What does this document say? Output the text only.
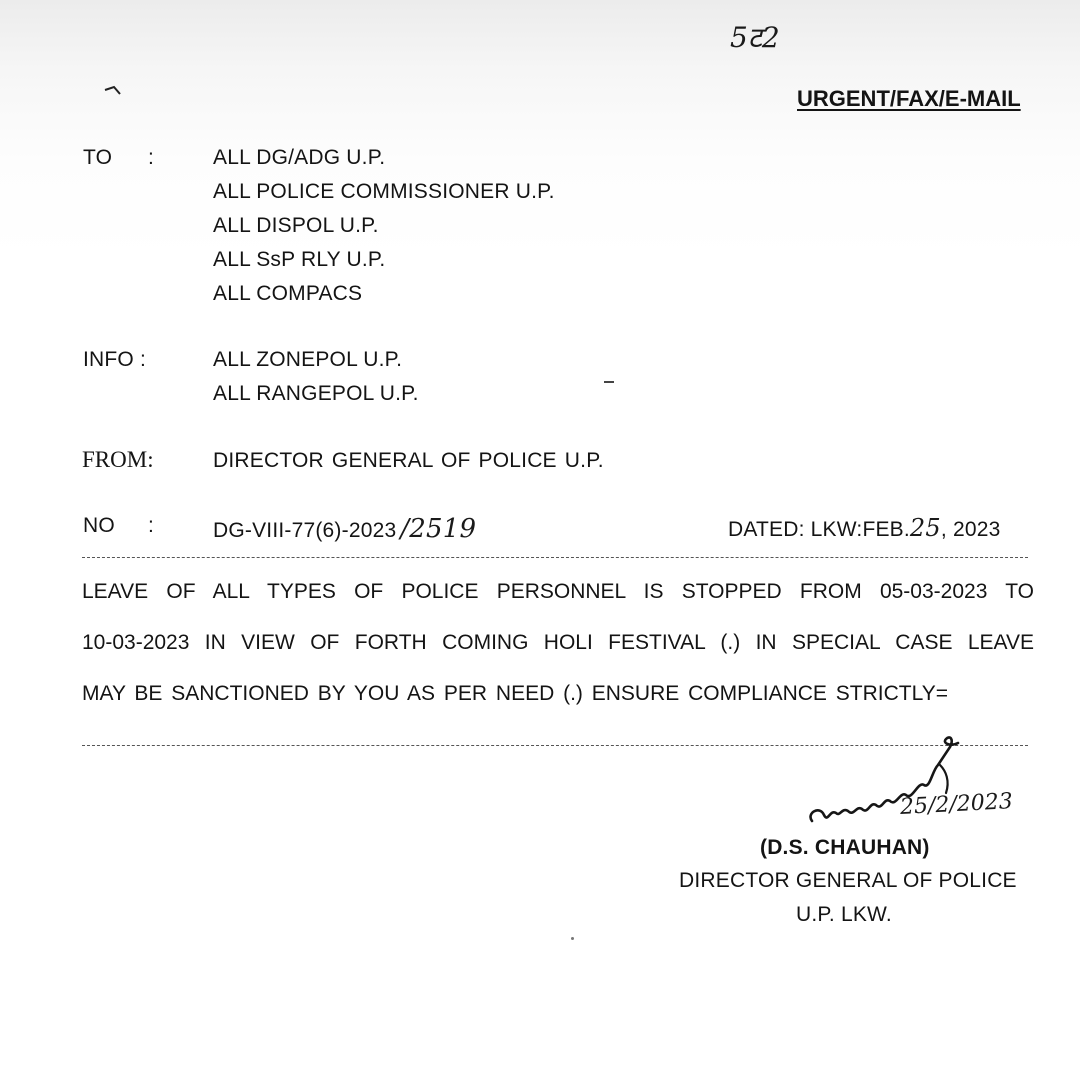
5ट2
URGENT/FAX/E-MAIL
TO :	ALL DG/ADG U.P.
ALL POLICE COMMISSIONER U.P.
ALL DISPOL U.P.
ALL SsP RLY U.P.
ALL COMPACS
INFO :	ALL ZONEPOL U.P.
ALL RANGEPOL U.P.
FROM:	DIRECTOR GENERAL OF POLICE U.P.
NO :	DG-VIII-77(6)-2023 /2519	DATED: LKW:FEB.25, 2023
LEAVE OF ALL TYPES OF POLICE PERSONNEL IS STOPPED FROM 05-03-2023 TO
10-03-2023 IN VIEW OF FORTH COMING HOLI FESTIVAL (.) IN SPECIAL CASE LEAVE
MAY BE SANCTIONED BY YOU AS PER NEED (.) ENSURE COMPLIANCE STRICTLY=
25/2/2023
(D.S. CHAUHAN)
DIRECTOR GENERAL OF POLICE
U.P. LKW.
